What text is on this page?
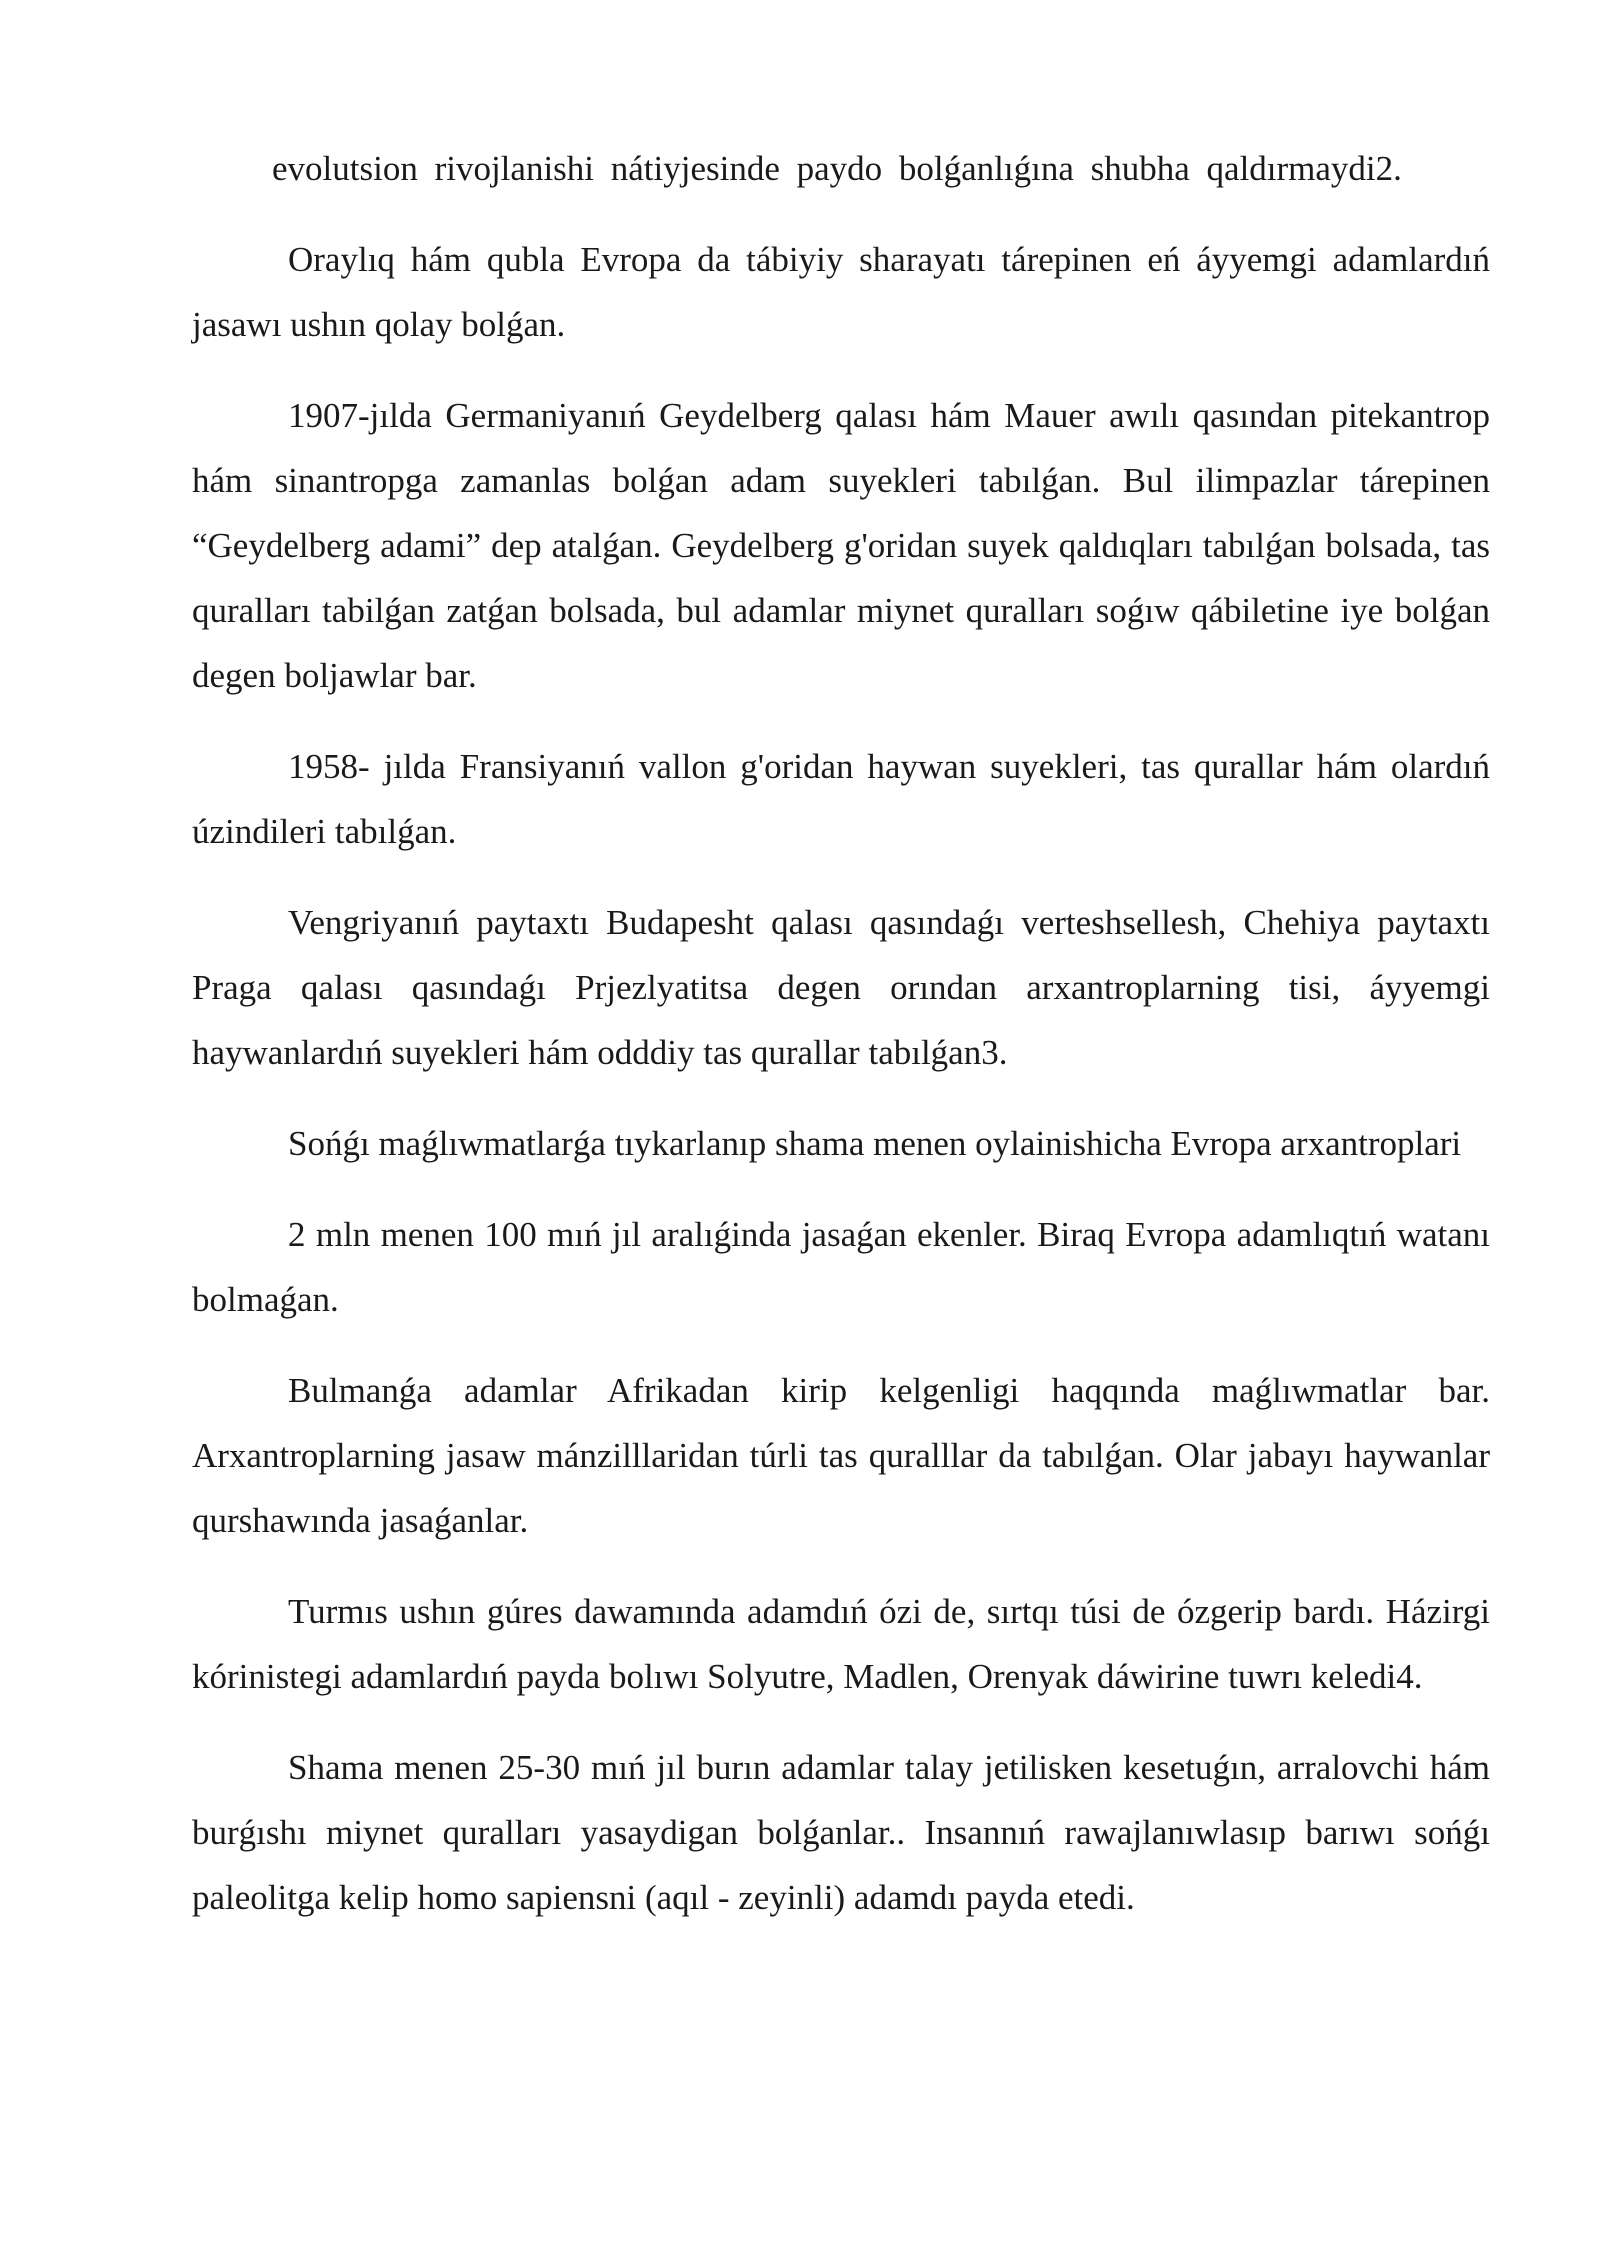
evolutsion rivojlanishi nátiyjesinde paydo bolǵanlıǵına shubha qaldırmaydi2.

Oraylıq hám qubla Evropa da tábiyiy sharayatı tárepinen eń áyyemgi adamlardıń jasawı ushın qolay bolǵan.

1907-jılda Germaniyanıń Geydelberg qalası hám Mauer awılı qasından pitekantrop hám sinantropga zamanlas bolǵan adam suyekleri tabılǵan. Bul ilimpazlar tárepinen “Geydelberg adami” dep atalǵan. Geydelberg g'oridan suyek qaldıqları tabılǵan bolsada, tas quralları tabilǵan zatǵan bolsada, bul adamlar miynet quralları soǵıw qábiletine iye bolǵan degen boljawlar bar.

1958- jılda Fransiyanıń vallon g'oridan haywan suyekleri, tas qurallar hám olardıń úzindileri tabılǵan.

Vengriyanıń paytaxtı Budapesht qalası qasındaǵı verteshsellesh, Chehiya paytaxtı Praga qalası qasındaǵı Prjezlyatitsa degen orından arxantroplarning tisi, áyyemgi haywanlardıń suyekleri hám odddiy tas qurallar tabılǵan3.

Sońǵı maǵlıwmatlarǵa tıykarlanıp shama menen oylainishicha Evropa arxantroplari

2 mln menen 100 mıń jıl aralıǵinda jasaǵan ekenler. Biraq Evropa adamlıqtıń watanı bolmaǵan.

Bulmanǵa adamlar Afrikadan kirip kelgenligi haqqında maǵlıwmatlar bar. Arxantroplarning jasaw mánzilllaridan túrli tas quralllar da tabılǵan. Olar jabayı haywanlar qurshawında jasaǵanlar.

Turmıs ushın gúres dawamında adamdıń ózi de, sırtqı túsi de ózgerip bardı. Házirgi kórinistegi adamlardıń payda bolıwı Solyutre, Madlen, Orenyak dáwirine tuwrı keledi4.

Shama menen 25-30 mıń jıl burın adamlar talay jetilisken kesetuǵın, arralovchi hám burǵıshı miynet quralları yasaydigan bolǵanlar.. Insannıń rawajlanıwlasıp barıwı sońǵı paleolitga kelip homo sapiensni (aqıl - zeyinli) adamdı payda etedi.
